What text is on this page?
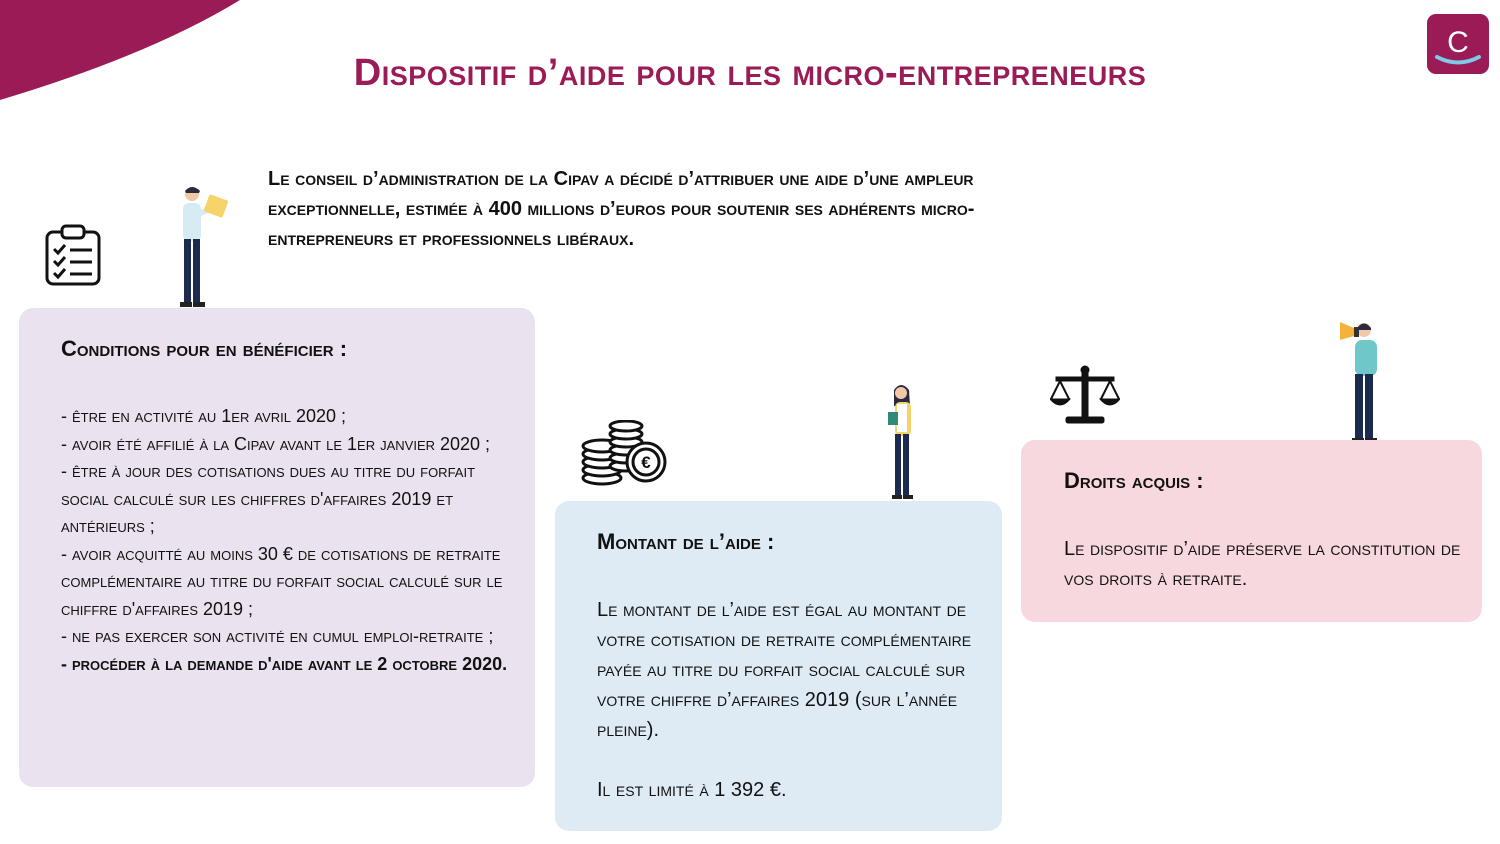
C
Dispositif d’aide pour les micro-entrepreneurs
Le conseil d’administration de la Cipav a décidé d’attribuer une aide d’une ampleur exceptionnelle, estimée à 400 millions d’euros pour soutenir ses adhérents micro-entrepreneurs et professionnels libéraux.
Conditions pour en bénéficier :
- être en activité au 1er avril 2020 ;
- avoir été affilié à la Cipav avant le 1er janvier 2020 ;
- être à jour des cotisations dues au titre du forfait social calculé sur les chiffres d'affaires 2019 et antérieurs ;
- avoir acquitté au moins 30 € de cotisations de retraite complémentaire au titre du forfait social calculé sur le chiffre d'affaires 2019 ;
- ne pas exercer son activité en cumul emploi-retraite ;
- procéder à la demande d'aide avant le 2 octobre 2020.
€
Montant de l’aide :

Le montant de l’aide est égal au montant de votre cotisation de retraite complémentaire payée au titre du forfait social calculé sur votre chiffre d’affaires 2019 (sur l’année pleine).

Il est limité à 1 392 €.

Droits acquis :

Le dispositif d’aide préserve la constitution de vos droits à retraite.
